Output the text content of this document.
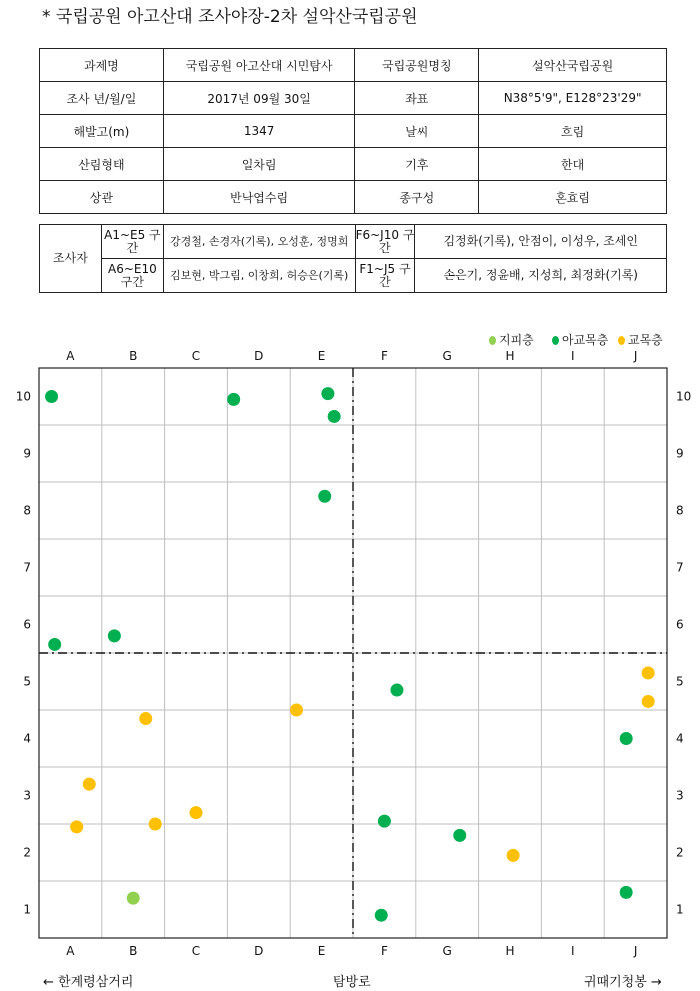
* 국립공원 아고산대 조사야장-2차 설악산국립공원
과제명	국립공원 아고산대 시민탐사	국립공원명칭	설악산국립공원
조사 년/월/일	2017년 09월 30일	좌표	N38°5'9", E128°23'29"
해발고(m)	1347	날씨	흐림
산림형태	일차림	기후	한대
상관	반낙엽수림	종구성	혼효림
조사자	A1~E5 구간	강경철, 손경자(기록), 오성훈, 정명희	F6~J10 구간	김정화(기록), 안점이, 이성우, 조세인
	A6~E10 구간	김보현, 박그림, 이창희, 허승은(기록)	F1~J5 구간	손은기, 정윤배, 지성희, 최정화(기록)
지피층	아교목층	교목층
A
A
B
B
C
C
D
D
E
E
F
F
G
G
H
H
I
I
J
J
1	1
2	2
3	3
4	4
5	5
6	6
7	7
8	8
9	9
10	10
← 한계령삼거리	탐방로	귀때기청봉 →
